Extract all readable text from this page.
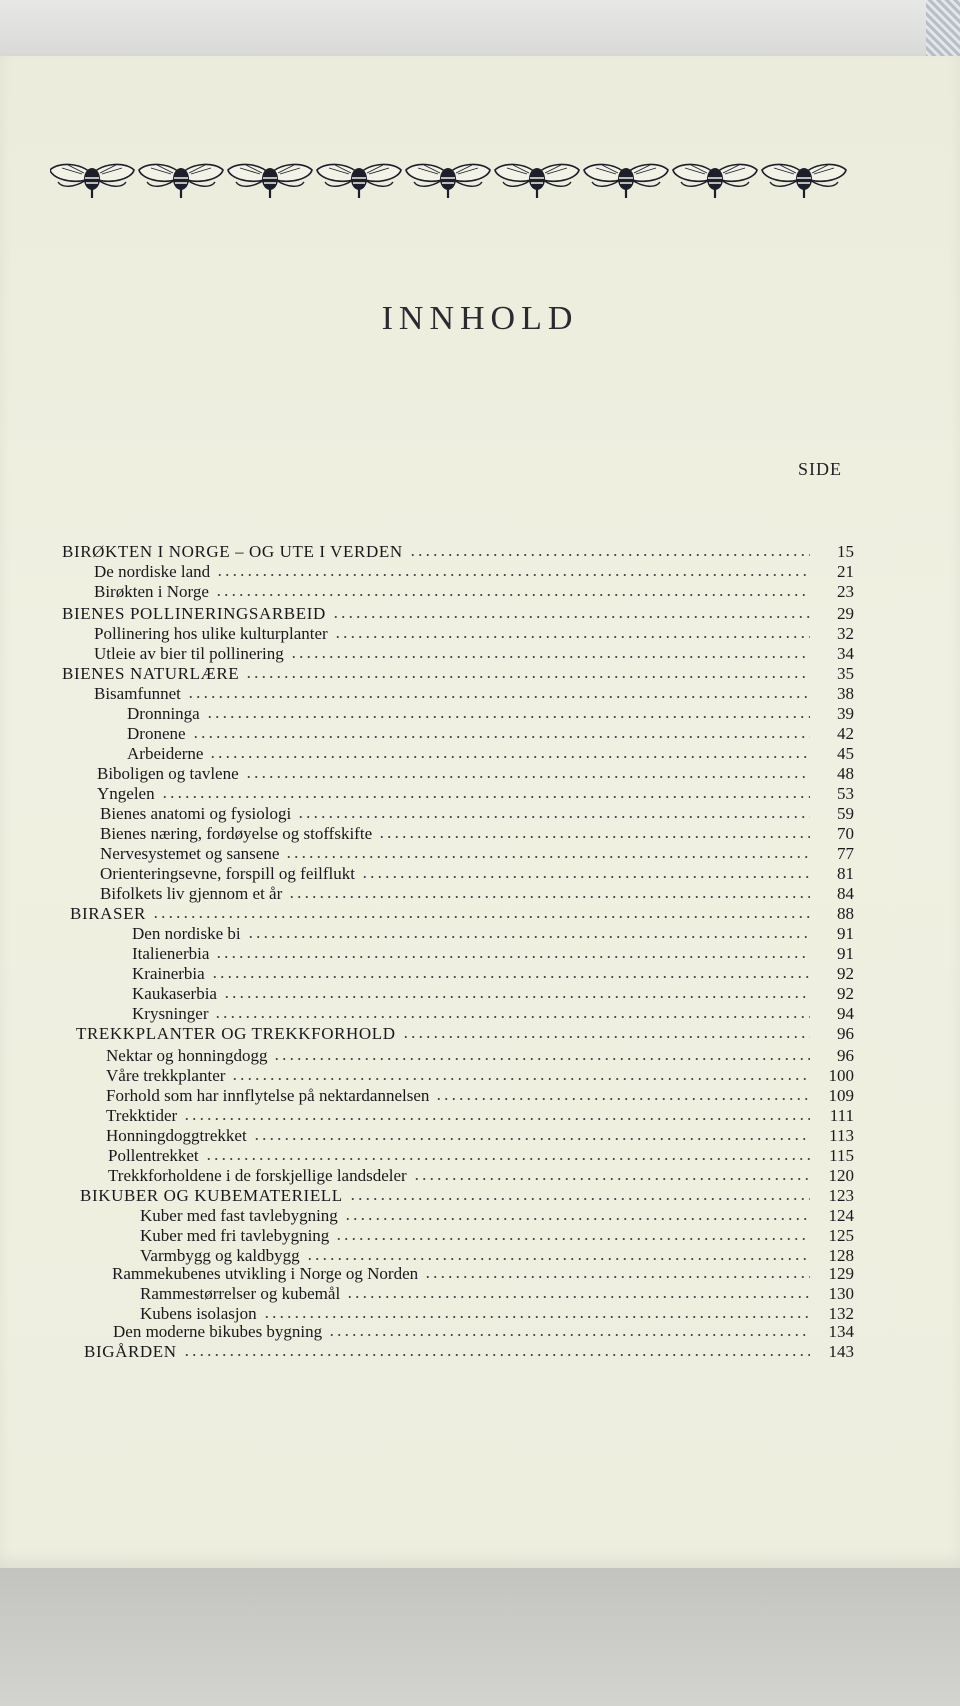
INNHOLD
SIDE
BIRØKTEN I NORGE – OG UTE I VERDEN	15
De nordiske land	21
Birøkten i Norge	23
BIENES POLLINERINGSARBEID	29
Pollinering hos ulike kulturplanter	32
Utleie av bier til pollinering	34
BIENES NATURLÆRE	35
Bisamfunnet	38
Dronninga	39
Dronene	42
Arbeiderne	45
Biboligen og tavlene	48
Yngelen	53
Bienes anatomi og fysiologi	59
Bienes næring, fordøyelse og stoffskifte	70
Nervesystemet og sansene	77
Orienteringsevne, forspill og feilflukt	81
Bifolkets liv gjennom et år	84
BIRASER	88
Den nordiske bi	91
Italienerbia	91
Krainerbia	92
Kaukaserbia	92
Krysninger	94
TREKKPLANTER OG TREKKFORHOLD	96
Nektar og honningdogg	96
Våre trekkplanter	100
Forhold som har innflytelse på nektardannelsen	109
Trekktider	111
Honningdoggtrekket	113
Pollentrekket	115
Trekkforholdene i de forskjellige landsdeler	120
BIKUBER OG KUBEMATERIELL	123
Kuber med fast tavlebygning	124
Kuber med fri tavlebygning	125
Varmbygg og kaldbygg	128
Rammekubenes utvikling i Norge og Norden	129
Rammestørrelser og kubemål	130
Kubens isolasjon	132
Den moderne bikubes bygning	134
BIGÅRDEN	143
